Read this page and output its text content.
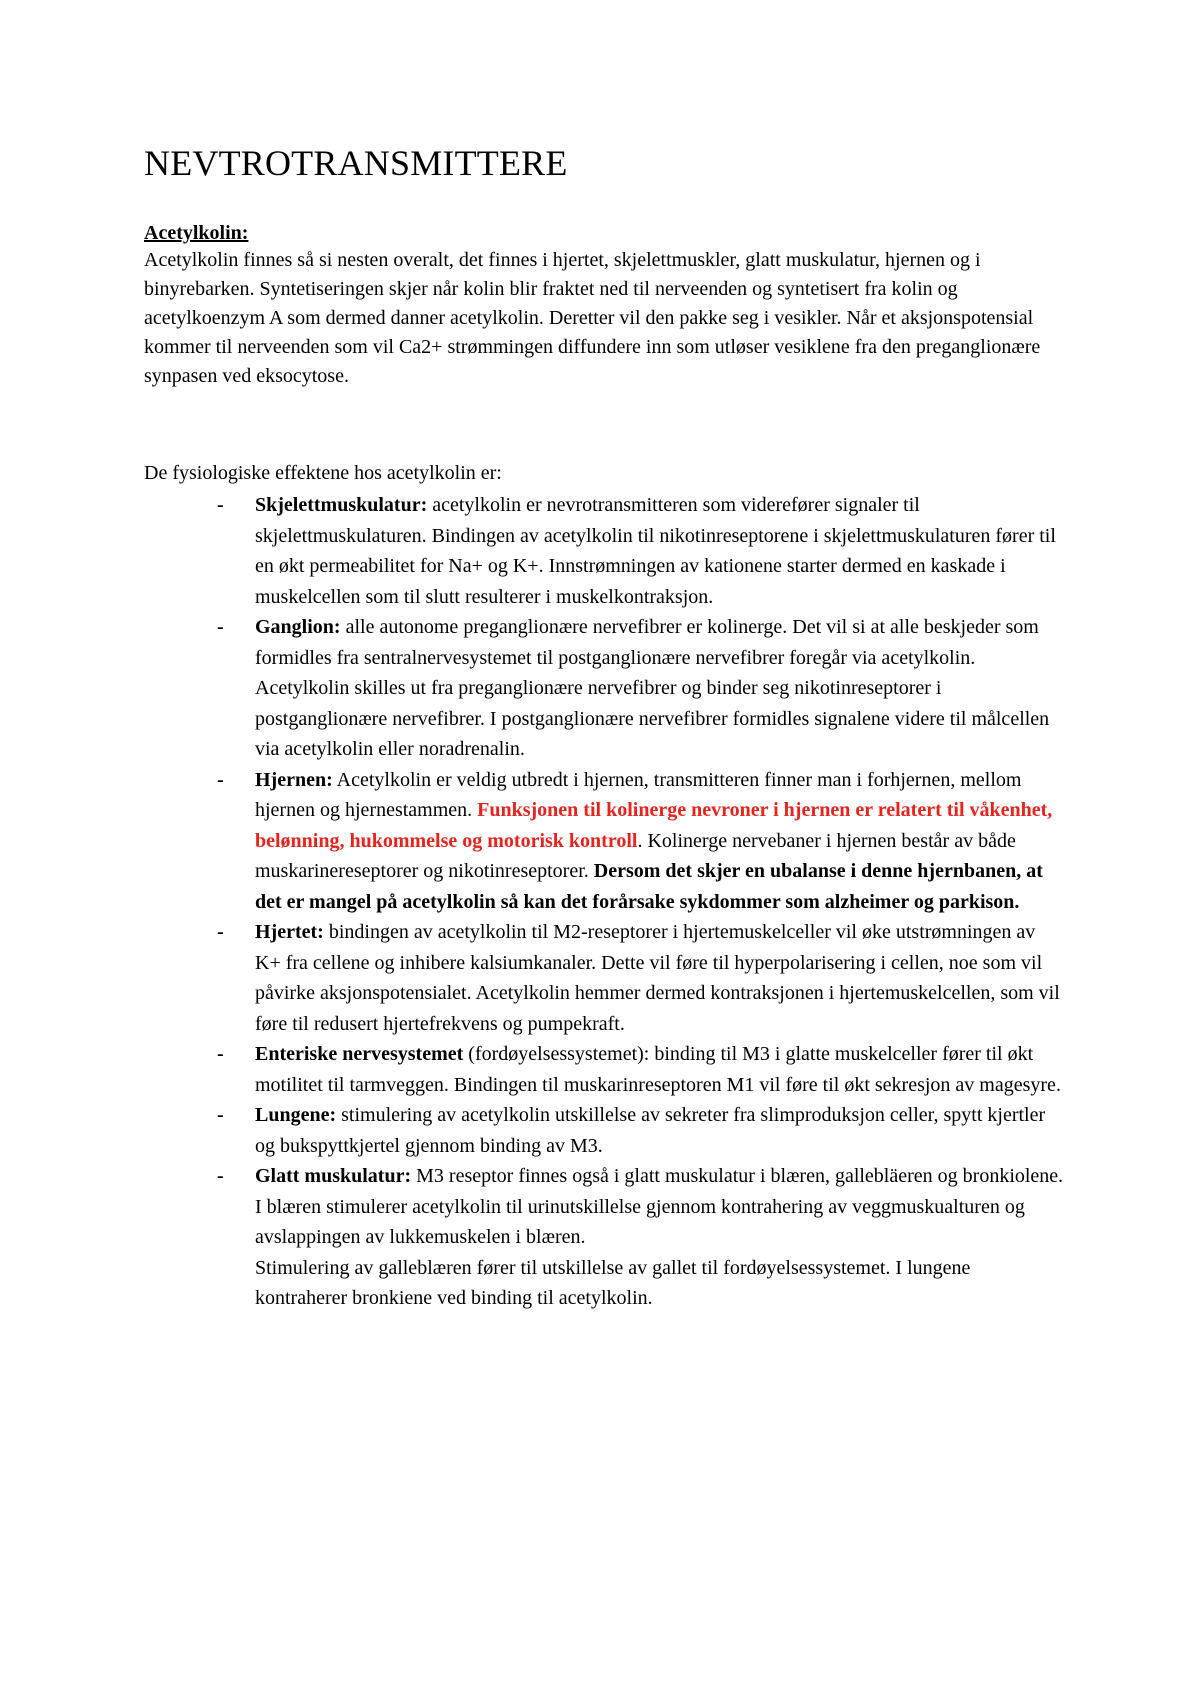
NEVTROTRANSMITTERE
Acetylkolin:

Acetylkolin finnes så si nesten overalt, det finnes i hjertet, skjelettmuskler, glatt muskulatur, hjernen og i binyrebarken. Syntetiseringen skjer når kolin blir fraktet ned til nerveenden og syntetisert fra kolin og acetylkoenzym A som dermed danner acetylkolin. Deretter vil den pakke seg i vesikler. Når et aksjonspotensial kommer til nerveenden som vil Ca2+ strømmingen diffundere inn som utløser vesiklene fra den preganglionære synpasen ved eksocytose.

De fysiologiske effektene hos acetylkolin er:

- Skjelettmuskulatur: acetylkolin er nevrotransmitteren som viderefører signaler til skjelettmuskulaturen. Bindingen av acetylkolin til nikotinreseptorene i skjelettmuskulaturen fører til en økt permeabilitet for Na+ og K+. Innstrømningen av kationene starter dermed en kaskade i muskelcellen som til slutt resulterer i muskelkontraksjon.
- Ganglion: alle autonome preganglionære nervefibrer er kolinerge. Det vil si at alle beskjeder som formidles fra sentralnervesystemet til postganglionære nervefibrer foregår via acetylkolin. Acetylkolin skilles ut fra preganglionære nervefibrer og binder seg nikotinreseptorer i postganglionære nervefibrer. I postganglionære nervefibrer formidles signalene videre til målcellen via acetylkolin eller noradrenalin.
- Hjernen: Acetylkolin er veldig utbredt i hjernen, transmitteren finner man i forhjernen, mellom hjernen og hjernestammen. Funksjonen til kolinerge nevroner i hjernen er relatert til våkenhet, belønning, hukommelse og motorisk kontroll. Kolinerge nervebaner i hjernen består av både muskarinereseptorer og nikotinreseptorer. Dersom det skjer en ubalanse i denne hjernbanen, at det er mangel på acetylkolin så kan det forårsake sykdommer som alzheimer og parkison.
- Hjertet: bindingen av acetylkolin til M2-reseptorer i hjertemuskelceller vil øke utstrømningen av K+ fra cellene og inhibere kalsiumkanaler. Dette vil føre til hyperpolarisering i cellen, noe som vil påvirke aksjonspotensialet. Acetylkolin hemmer dermed kontraksjonen i hjertemuskelcellen, som vil føre til redusert hjertefrekvens og pumpekraft.
- Enteriske nervesystemet (fordøyelsessystemet): binding til M3 i glatte muskelceller fører til økt motilitet til tarmveggen. Bindingen til muskarinreseptoren M1 vil føre til økt sekresjon av magesyre.
- Lungene: stimulering av acetylkolin utskillelse av sekreter fra slimproduksjon celler, spytt kjertler og bukspyttkjertel gjennom binding av M3.
- Glatt muskulatur: M3 reseptor finnes også i glatt muskulatur i blæren, gallebläeren og bronkiolene. I blæren stimulerer acetylkolin til urinutskillelse gjennom kontrahering av veggmuskualturen og avslappingen av lukkemuskelen i blæren.
Stimulering av galleblæren fører til utskillelse av gallet til fordøyelsessystemet. I lungene kontraherer bronkiene ved binding til acetylkolin.
